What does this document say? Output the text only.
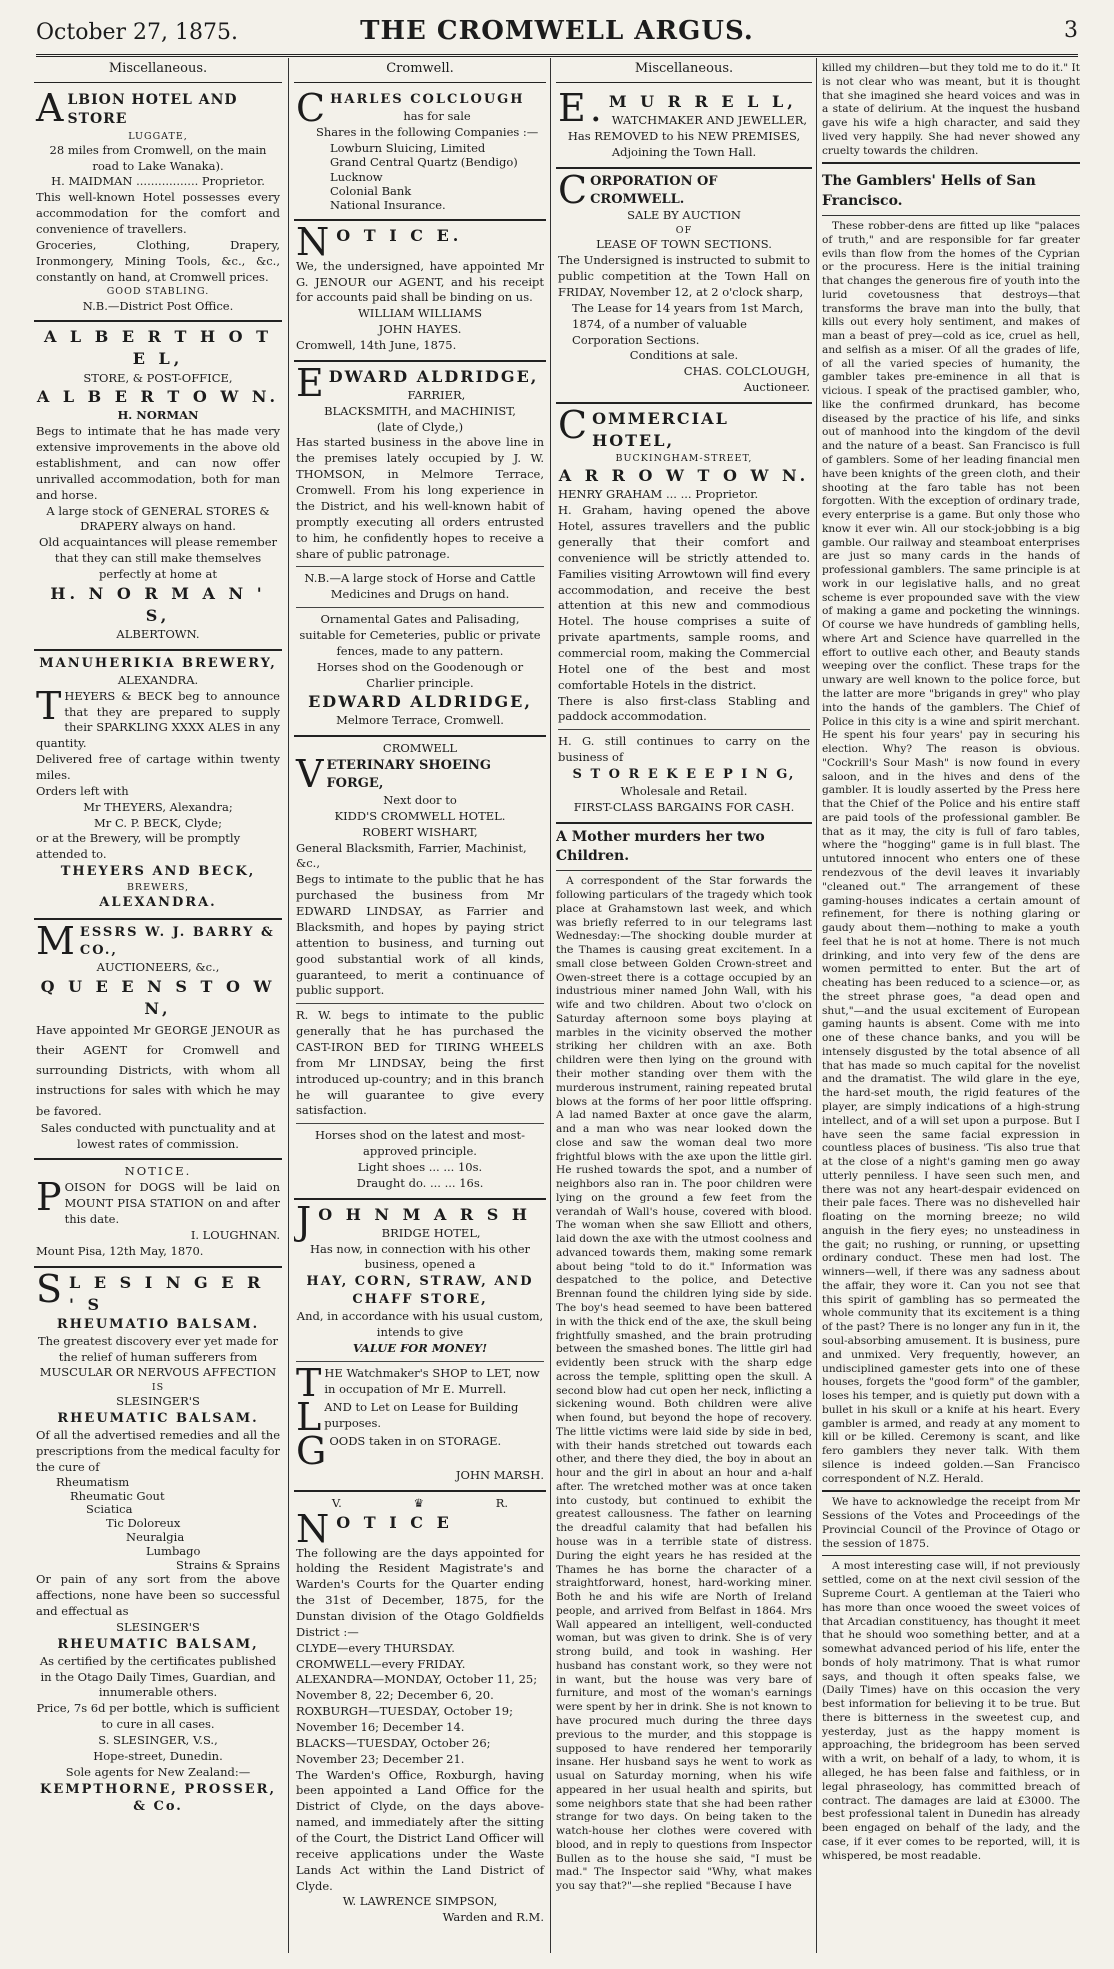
October 27, 1875.	THE CROMWELL ARGUS.	3
Miscellaneous.
ALBION HOTEL AND STORE
LUGGATE,
28 miles from Cromwell, on the main road to Lake Wanaka).
H. MAIDMAN ................. Proprietor.
This well-known Hotel possesses every accommodation for the comfort and convenience of travellers.
Groceries, Clothing, Drapery, Ironmongery, Mining Tools, &c., &c., constantly on hand, at Cromwell prices.
GOOD STABLING.
N.B.—District Post Office.
A L B E R T H O T E L,
STORE, & POST-OFFICE,
A L B E R T O W N.
H. NORMAN
Begs to intimate that he has made very extensive improvements in the above old establishment, and can now offer unrivalled accommodation, both for man and horse.
A large stock of GENERAL STORES & DRAPERY always on hand.
Old acquaintances will please remember that they can still make themselves perfectly at home at
H. N O R M A N ' S,
ALBERTOWN.
MANUHERIKIA BREWERY,
ALEXANDRA.
THEYERS & BECK beg to announce that they are prepared to supply their SPARKLING XXXX ALES in any quantity.
Delivered free of cartage within twenty miles.
Orders left with
Mr THEYERS, Alexandra;
Mr C. P. BECK, Clyde;
or at the Brewery, will be promptly attended to.
THEYERS AND BECK,
BREWERS,
ALEXANDRA.
MESSRS W. J. BARRY & CO.,
AUCTIONEERS, &c.,
Q U E E N S T O W N,
Have appointed Mr GEORGE JENOUR as their AGENT for Cromwell and surrounding Districts, with whom all instructions for sales with which he may be favored.
Sales conducted with punctuality and at lowest rates of commission.
NOTICE.
POISON for DOGS will be laid on MOUNT PISA STATION on and after this date.
I. LOUGHNAN.
Mount Pisa, 12th May, 1870.
S L E S I N G E R ' S
RHEUMATIO BALSAM.
The greatest discovery ever yet made for the relief of human sufferers from
MUSCULAR OR NERVOUS AFFECTION
IS
SLESINGER'S
RHEUMATIC BALSAM.
Of all the advertised remedies and all the prescriptions from the medical faculty for the cure of
Rheumatism
Rheumatic Gout
Sciatica
Tic Doloreux
Neuralgia
Lumbago
Strains & Sprains
Or pain of any sort from the above affections, none have been so successful and effectual as
SLESINGER'S
RHEUMATIC BALSAM,
As certified by the certificates published in the Otago Daily Times, Guardian, and innumerable others.
Price, 7s 6d per bottle, which is sufficient to cure in all cases.
S. SLESINGER, V.S.,
Hope-street, Dunedin.
Sole agents for New Zealand:—
KEMPTHORNE, PROSSER, & Co.
Cromwell.
CHARLES COLCLOUGH
has for sale
Shares in the following Companies :—
Lowburn Sluicing, Limited
Grand Central Quartz (Bendigo)
Lucknow
Colonial Bank
National Insurance.
N O T I C E.
We, the undersigned, have appointed Mr G. JENOUR our AGENT, and his receipt for accounts paid shall be binding on us.
WILLIAM WILLIAMS
JOHN HAYES.
Cromwell, 14th June, 1875.
EDWARD ALDRIDGE,
FARRIER,
BLACKSMITH, and MACHINIST,
(late of Clyde,)
Has started business in the above line in the premises lately occupied by J. W. THOMSON, in Melmore Terrace, Cromwell. From his long experience in the District, and his well-known habit of promptly executing all orders entrusted to him, he confidently hopes to receive a share of public patronage.
N.B.—A large stock of Horse and Cattle Medicines and Drugs on hand.
Ornamental Gates and Palisading, suitable for Cemeteries, public or private fences, made to any pattern.
Horses shod on the Goodenough or Charlier principle.
EDWARD ALDRIDGE,
Melmore Terrace, Cromwell.
CROMWELL
VETERINARY SHOEING FORGE,
Next door to
KIDD'S CROMWELL HOTEL.
ROBERT WISHART,
General Blacksmith, Farrier, Machinist, &c.,
Begs to intimate to the public that he has purchased the business from Mr EDWARD LINDSAY, as Farrier and Blacksmith, and hopes by paying strict attention to business, and turning out good substantial work of all kinds, guaranteed, to merit a continuance of public support.
R. W. begs to intimate to the public generally that he has purchased the CAST-IRON BED for TIRING WHEELS from Mr LINDSAY, being the first introduced up-country; and in this branch he will guarantee to give every satisfaction.
Horses shod on the latest and most-approved principle.
Light shoes ... ... 10s.
Draught do. ... ... 16s.
J O H N M A R S H
BRIDGE HOTEL,
Has now, in connection with his other business, opened a
HAY, CORN, STRAW, AND CHAFF STORE,
And, in accordance with his usual custom, intends to give
VALUE FOR MONEY!
THE Watchmaker's SHOP to LET, now in occupation of Mr E. Murrell.
LAND to Let on Lease for Building purposes.
GOODS taken in on STORAGE.
JOHN MARSH.
V.	♛	R.
N O T I C E
The following are the days appointed for holding the Resident Magistrate's and Warden's Courts for the Quarter ending the 31st of December, 1875, for the Dunstan division of the Otago Goldfields District :—
CLYDE—every THURSDAY.
CROMWELL—every FRIDAY.
ALEXANDRA—MONDAY, October 11, 25; November 8, 22; December 6, 20.
ROXBURGH—TUESDAY, October 19; November 16; December 14.
BLACKS—TUESDAY, October 26; November 23; December 21.
The Warden's Office, Roxburgh, having been appointed a Land Office for the District of Clyde, on the days above-named, and immediately after the sitting of the Court, the District Land Officer will receive applications under the Waste Lands Act within the Land District of Clyde.
W. LAWRENCE SIMPSON,
Warden and R.M.
Miscellaneous.
E. M U R R E L L,
WATCHMAKER AND JEWELLER,
Has REMOVED to his NEW PREMISES, Adjoining the Town Hall.
CORPORATION OF CROMWELL.
SALE BY AUCTION
OF
LEASE OF TOWN SECTIONS.
The Undersigned is instructed to submit to public competition at the Town Hall on FRIDAY, November 12, at 2 o'clock sharp,
The Lease for 14 years from 1st March, 1874, of a number of valuable Corporation Sections.
Conditions at sale.
CHAS. COLCLOUGH,
Auctioneer.
COMMERCIAL HOTEL,
BUCKINGHAM-STREET,
A R R O W T O W N.
HENRY GRAHAM ... ... Proprietor.
H. Graham, having opened the above Hotel, assures travellers and the public generally that their comfort and convenience will be strictly attended to. Families visiting Arrowtown will find every accommodation, and receive the best attention at this new and commodious Hotel. The house comprises a suite of private apartments, sample rooms, and commercial room, making the Commercial Hotel one of the best and most comfortable Hotels in the district.
There is also first-class Stabling and paddock accommodation.
H. G. still continues to carry on the business of
S T O R E K E E P I N G,
Wholesale and Retail.
FIRST-CLASS BARGAINS FOR CASH.
A Mother murders her two Children.

A correspondent of the Star forwards the following particulars of the tragedy which took place at Grahamstown last week, and which was briefly referred to in our telegrams last Wednesday:—The shocking double murder at the Thames is causing great excitement. In a small close between Golden Crown-street and Owen-street there is a cottage occupied by an industrious miner named John Wall, with his wife and two children. About two o'clock on Saturday afternoon some boys playing at marbles in the vicinity observed the mother striking her children with an axe. Both children were then lying on the ground with their mother standing over them with the murderous instrument, raining repeated brutal blows at the forms of her poor little offspring. A lad named Baxter at once gave the alarm, and a man who was near looked down the close and saw the woman deal two more frightful blows with the axe upon the little girl. He rushed towards the spot, and a number of neighbors also ran in. The poor children were lying on the ground a few feet from the verandah of Wall's house, covered with blood. The woman when she saw Elliott and others, laid down the axe with the utmost coolness and advanced towards them, making some remark about being "told to do it." Information was despatched to the police, and Detective Brennan found the children lying side by side. The boy's head seemed to have been battered in with the thick end of the axe, the skull being frightfully smashed, and the brain protruding between the smashed bones. The little girl had evidently been struck with the sharp edge across the temple, splitting open the skull. A second blow had cut open her neck, inflicting a sickening wound. Both children were alive when found, but beyond the hope of recovery. The little victims were laid side by side in bed, with their hands stretched out towards each other, and there they died, the boy in about an hour and the girl in about an hour and a-half after. The wretched mother was at once taken into custody, but continued to exhibit the greatest callousness. The father on learning the dreadful calamity that had befallen his house was in a terrible state of distress. During the eight years he has resided at the Thames he has borne the character of a straightforward, honest, hard-working miner. Both he and his wife are North of Ireland people, and arrived from Belfast in 1864. Mrs Wall appeared an intelligent, well-conducted woman, but was given to drink. She is of very strong build, and took in washing. Her husband has constant work, so they were not in want, but the house was very bare of furniture, and most of the woman's earnings were spent by her in drink. She is not known to have procured much during the three days previous to the murder, and this stoppage is supposed to have rendered her temporarily insane. Her husband says he went to work as usual on Saturday morning, when his wife appeared in her usual health and spirits, but some neighbors state that she had been rather strange for two days. On being taken to the watch-house her clothes were covered with blood, and in reply to questions from Inspector Bullen as to the house she said, "I must be mad." The Inspector said "Why, what makes you say that?"—she replied "Because I have

killed my children—but they told me to do it." It is not clear who was meant, but it is thought that she imagined she heard voices and was in a state of delirium. At the inquest the husband gave his wife a high character, and said they lived very happily. She had never showed any cruelty towards the children.

The Gamblers' Hells of San Francisco.

These robber-dens are fitted up like "palaces of truth," and are responsible for far greater evils than flow from the homes of the Cyprian or the procuress. Here is the initial training that changes the generous fire of youth into the lurid covetousness that destroys—that transforms the brave man into the bully, that kills out every holy sentiment, and makes of man a beast of prey—cold as ice, cruel as hell, and selfish as a miser. Of all the grades of life, of all the varied species of humanity, the gambler takes pre-eminence in all that is vicious. I speak of the practised gambler, who, like the confirmed drunkard, has become diseased by the practice of his life, and sinks out of manhood into the kingdom of the devil and the nature of a beast. San Francisco is full of gamblers. Some of her leading financial men have been knights of the green cloth, and their shooting at the faro table has not been forgotten. With the exception of ordinary trade, every enterprise is a game. But only those who know it ever win. All our stock-jobbing is a big gamble. Our railway and steamboat enterprises are just so many cards in the hands of professional gamblers. The same principle is at work in our legislative halls, and no great scheme is ever propounded save with the view of making a game and pocketing the winnings. Of course we have hundreds of gambling hells, where Art and Science have quarrelled in the effort to outlive each other, and Beauty stands weeping over the conflict. These traps for the unwary are well known to the police force, but the latter are more "brigands in grey" who play into the hands of the gamblers. The Chief of Police in this city is a wine and spirit merchant. He spent his four years' pay in securing his election. Why? The reason is obvious. "Cockrill's Sour Mash" is now found in every saloon, and in the hives and dens of the gambler. It is loudly asserted by the Press here that the Chief of the Police and his entire staff are paid tools of the professional gambler. Be that as it may, the city is full of faro tables, where the "hogging" game is in full blast. The untutored innocent who enters one of these rendezvous of the devil leaves it invariably "cleaned out." The arrangement of these gaming-houses indicates a certain amount of refinement, for there is nothing glaring or gaudy about them—nothing to make a youth feel that he is not at home. There is not much drinking, and into very few of the dens are women permitted to enter. But the art of cheating has been reduced to a science—or, as the street phrase goes, "a dead open and shut,"—and the usual excitement of European gaming haunts is absent. Come with me into one of these chance banks, and you will be intensely disgusted by the total absence of all that has made so much capital for the novelist and the dramatist. The wild glare in the eye, the hard-set mouth, the rigid features of the player, are simply indications of a high-strung intellect, and of a will set upon a purpose. But I have seen the same facial expression in countless places of business. 'Tis also true that at the close of a night's gaming men go away utterly penniless. I have seen such men, and there was not any heart-despair evidenced on their pale faces. There was no dishevelled hair floating on the morning breeze; no wild anguish in the fiery eyes; no unsteadiness in the gait; no rushing, or running, or upsetting ordinary conduct. These men had lost. The winners—well, if there was any sadness about the affair, they wore it. Can you not see that this spirit of gambling has so permeated the whole community that its excitement is a thing of the past? There is no longer any fun in it, the soul-absorbing amusement. It is business, pure and unmixed. Very frequently, however, an undisciplined gamester gets into one of these houses, forgets the "good form" of the gambler, loses his temper, and is quietly put down with a bullet in his skull or a knife at his heart. Every gambler is armed, and ready at any moment to kill or be killed. Ceremony is scant, and like fero gamblers they never talk. With them silence is indeed golden.—San Francisco correspondent of N.Z. Herald.

We have to acknowledge the receipt from Mr Sessions of the Votes and Proceedings of the Provincial Council of the Province of Otago or the session of 1875.

A most interesting case will, if not previously settled, come on at the next civil session of the Supreme Court. A gentleman at the Taieri who has more than once wooed the sweet voices of that Arcadian constituency, has thought it meet that he should woo something better, and at a somewhat advanced period of his life, enter the bonds of holy matrimony. That is what rumor says, and though it often speaks false, we (Daily Times) have on this occasion the very best information for believing it to be true. But there is bitterness in the sweetest cup, and yesterday, just as the happy moment is approaching, the bridegroom has been served with a writ, on behalf of a lady, to whom, it is alleged, he has been false and faithless, or in legal phraseology, has committed breach of contract. The damages are laid at £3000. The best professional talent in Dunedin has already been engaged on behalf of the lady, and the case, if it ever comes to be reported, will, it is whispered, be most readable.
